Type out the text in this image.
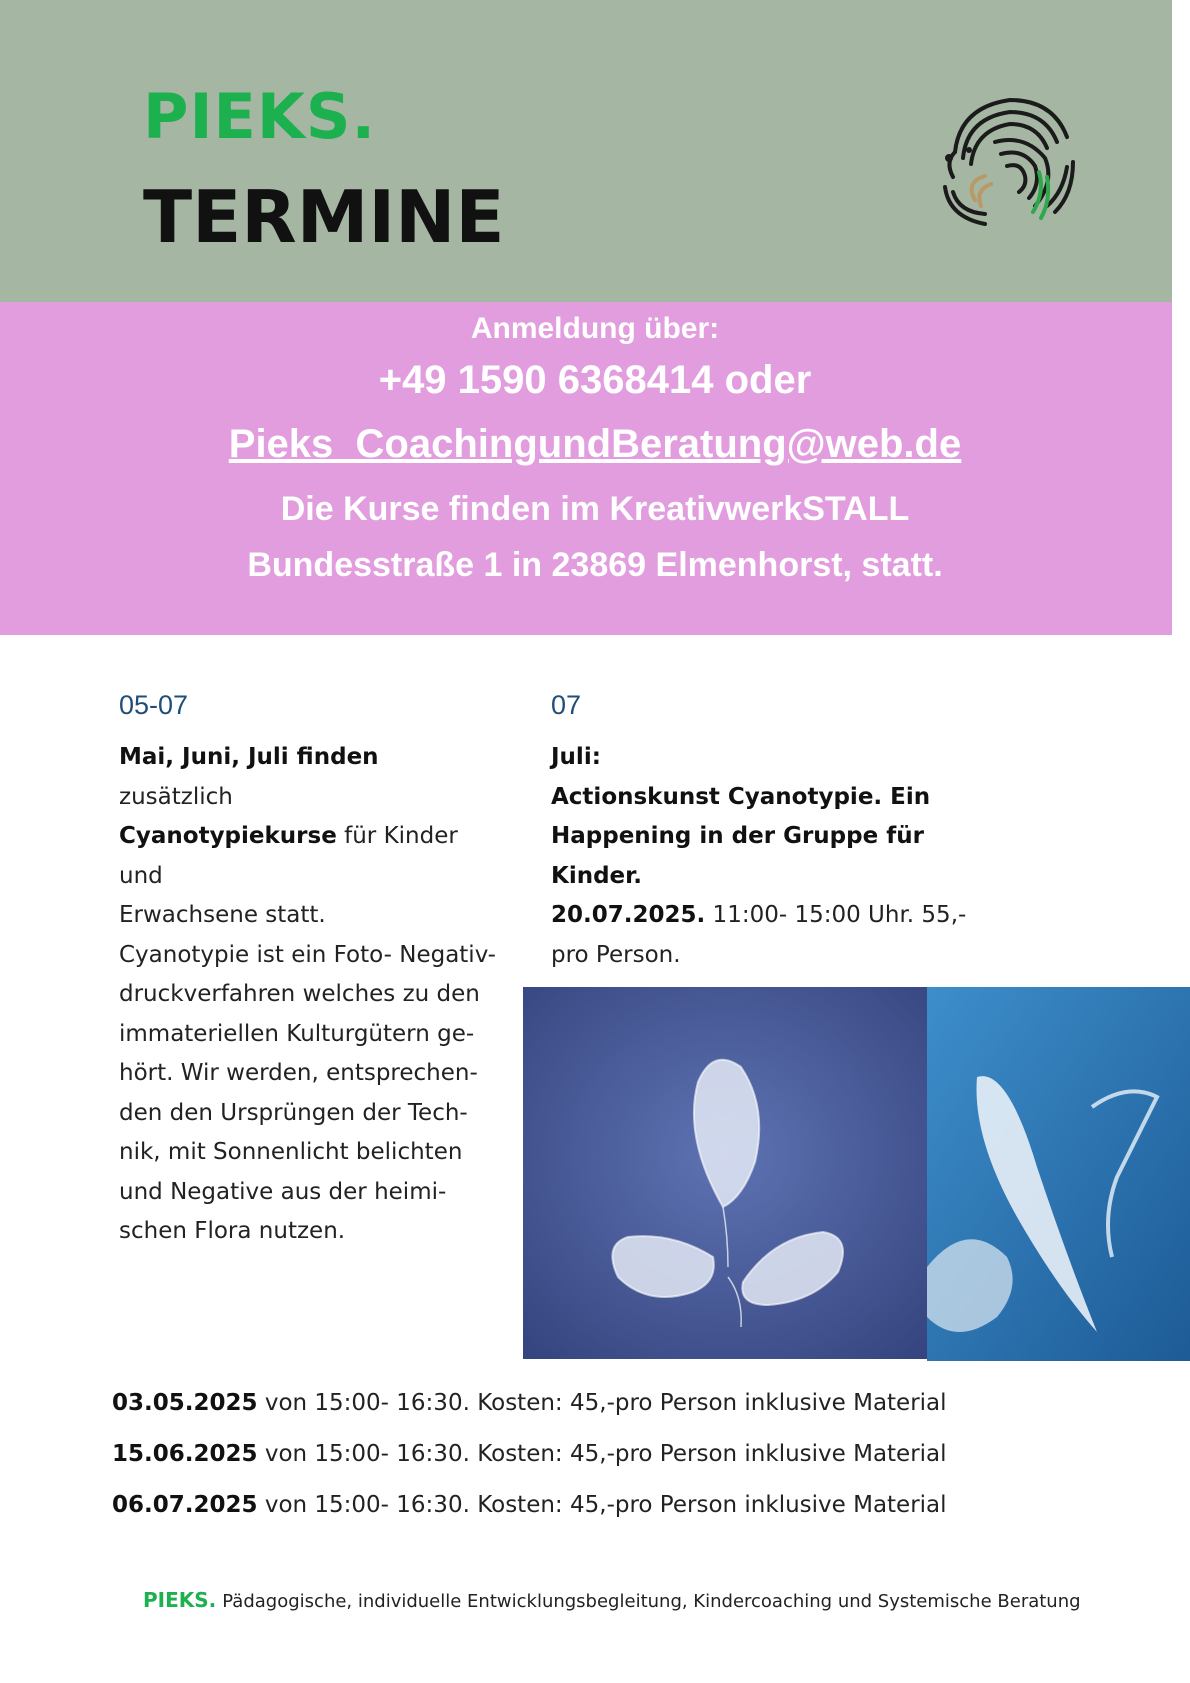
PIEKS.
TERMINE
Anmeldung über:
+49 1590 6368414 oder
Pieks_CoachingundBeratung@web.de
Die Kurse finden im KreativwerkSTALL
Bundesstraße 1 in 23869 Elmenhorst, statt.
05-07
Mai, Juni, Juli finden zusätzlich
Cyanotypiekurse für Kinder und
Erwachsene statt.
Cyanotypie ist ein Foto- Negativ-
druckverfahren welches zu den
immateriellen Kulturgütern ge-
hört. Wir werden, entsprechen-
den den Ursprüngen der Tech-
nik, mit Sonnenlicht belichten
und Negative aus der heimi-
schen Flora nutzen.
07
Juli:
Actionskunst Cyanotypie. Ein
Happening in der Gruppe für
Kinder.
20.07.2025. 11:00- 15:00 Uhr. 55,-
pro Person.
03.05.2025 von 15:00- 16:30. Kosten: 45,-pro Person inklusive Material
15.06.2025 von 15:00- 16:30. Kosten: 45,-pro Person inklusive Material
06.07.2025 von 15:00- 16:30. Kosten: 45,-pro Person inklusive Material
PIEKS. Pädagogische, individuelle Entwicklungsbegleitung, Kindercoaching und Systemische Beratung
